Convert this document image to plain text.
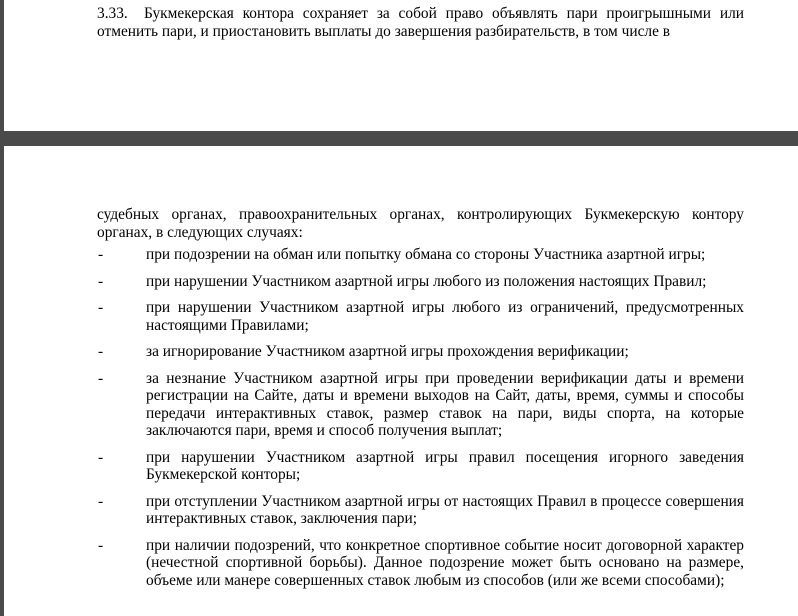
3.33. Букмекерская контора сохраняет за собой право объявлять пари проигрышными или отменить пари, и приостановить выплаты до завершения разбирательств, в том числе в
судебных органах, правоохранительных органах, контролирующих Букмекерскую контору органах, в следующих случаях:
-	при подозрении на обман или попытку обмана со стороны Участника азартной игры;
-	при нарушении Участником азартной игры любого из положения настоящих Правил;
-	при нарушении Участником азартной игры любого из ограничений, предусмотренных настоящими Правилами;
-	за игнорирование Участником азартной игры прохождения верификации;
-	за незнание Участником азартной игры при проведении верификации даты и времени регистрации на Сайте, даты и времени выходов на Сайт, даты, время, суммы и способы передачи интерактивных ставок, размер ставок на пари, виды спорта, на которые заключаются пари, время и способ получения выплат;
-	при нарушении Участником азартной игры правил посещения игорного заведения Букмекерской конторы;
-	при отступлении Участником азартной игры от настоящих Правил в процессе совершения интерактивных ставок, заключения пари;
-	при наличии подозрений, что конкретное спортивное событие носит договорной характер (нечестной спортивной борьбы). Данное подозрение может быть основано на размере, объеме или манере совершенных ставок любым из способов (или же всеми способами);
